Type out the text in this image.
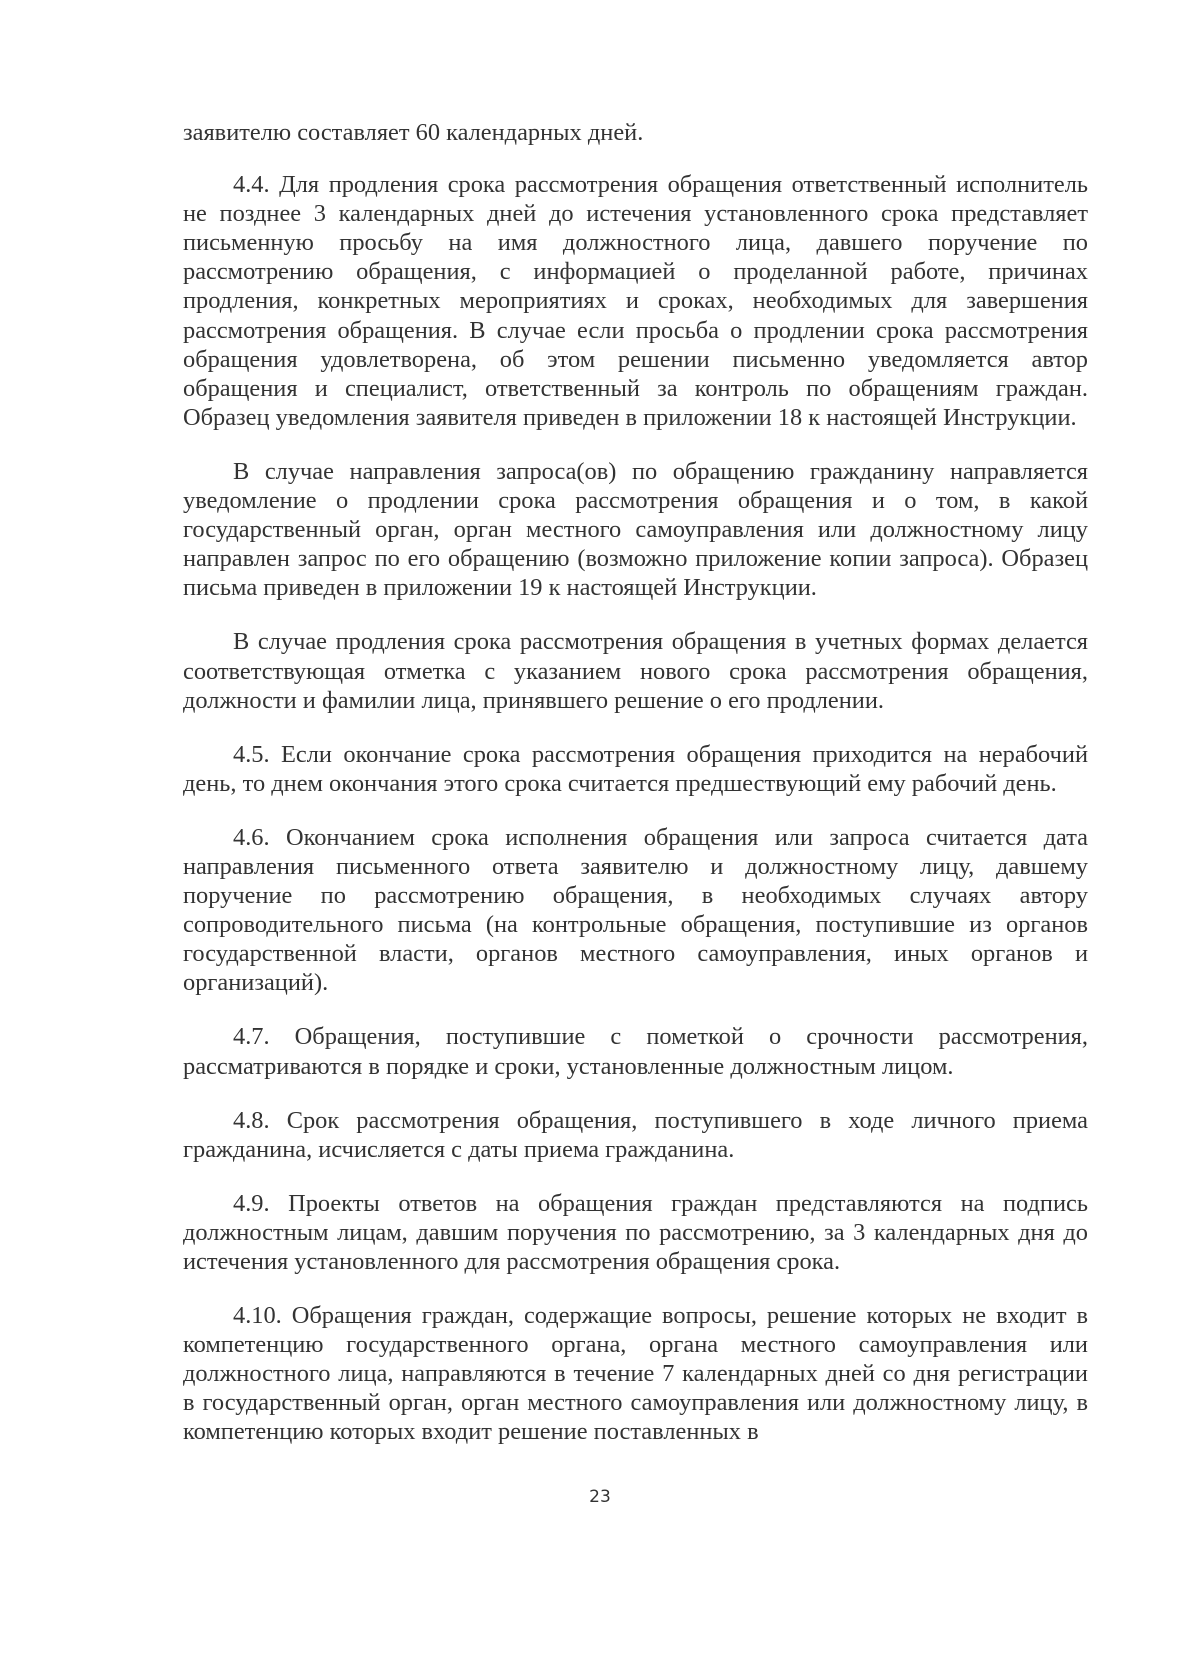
заявителю составляет 60 календарных дней.

4.4. Для продления срока рассмотрения обращения ответственный исполнитель не позднее 3 календарных дней до истечения установленного срока представляет письменную просьбу на имя должностного лица, давшего поручение по рассмотрению обращения, с информацией о проделанной работе, причинах продления, конкретных мероприятиях и сроках, необходимых для завершения рассмотрения обращения. В случае если просьба о продлении срока рассмотрения обращения удовлетворена, об этом решении письменно уведомляется автор обращения и специалист, ответственный за контроль по обращениям граждан. Образец уведомления заявителя приведен в приложении 18 к настоящей Инструкции.

В случае направления запроса(ов) по обращению гражданину направляется уведомление о продлении срока рассмотрения обращения и о том, в какой государственный орган, орган местного самоуправления или должностному лицу направлен запрос по его обращению (возможно приложение копии запроса). Образец письма приведен в приложении 19 к настоящей Инструкции.

В случае продления срока рассмотрения обращения в учетных формах делается соответствующая отметка с указанием нового срока рассмотрения обращения, должности и фамилии лица, принявшего решение о его продлении.

4.5. Если окончание срока рассмотрения обращения приходится на нерабочий день, то днем окончания этого срока считается предшествующий ему рабочий день.

4.6. Окончанием срока исполнения обращения или запроса считается дата направления письменного ответа заявителю и должностному лицу, давшему поручение по рассмотрению обращения, в необходимых случаях автору сопроводительного письма (на контрольные обращения, поступившие из органов государственной власти, органов местного самоуправления, иных органов и организаций).

4.7. Обращения, поступившие с пометкой о срочности рассмотрения, рассматриваются в порядке и сроки, установленные должностным лицом.

4.8. Срок рассмотрения обращения, поступившего в ходе личного приема гражданина, исчисляется с даты приема гражданина.

4.9. Проекты ответов на обращения граждан представляются на подпись должностным лицам, давшим поручения по рассмотрению, за 3 календарных дня до истечения установленного для рассмотрения обращения срока.

4.10. Обращения граждан, содержащие вопросы, решение которых не входит в компетенцию государственного органа, органа местного самоуправления или должностного лица, направляются в течение 7 календарных дней со дня регистрации в государственный орган, орган местного самоуправления или должностному лицу, в компетенцию которых входит решение поставленных в

23
